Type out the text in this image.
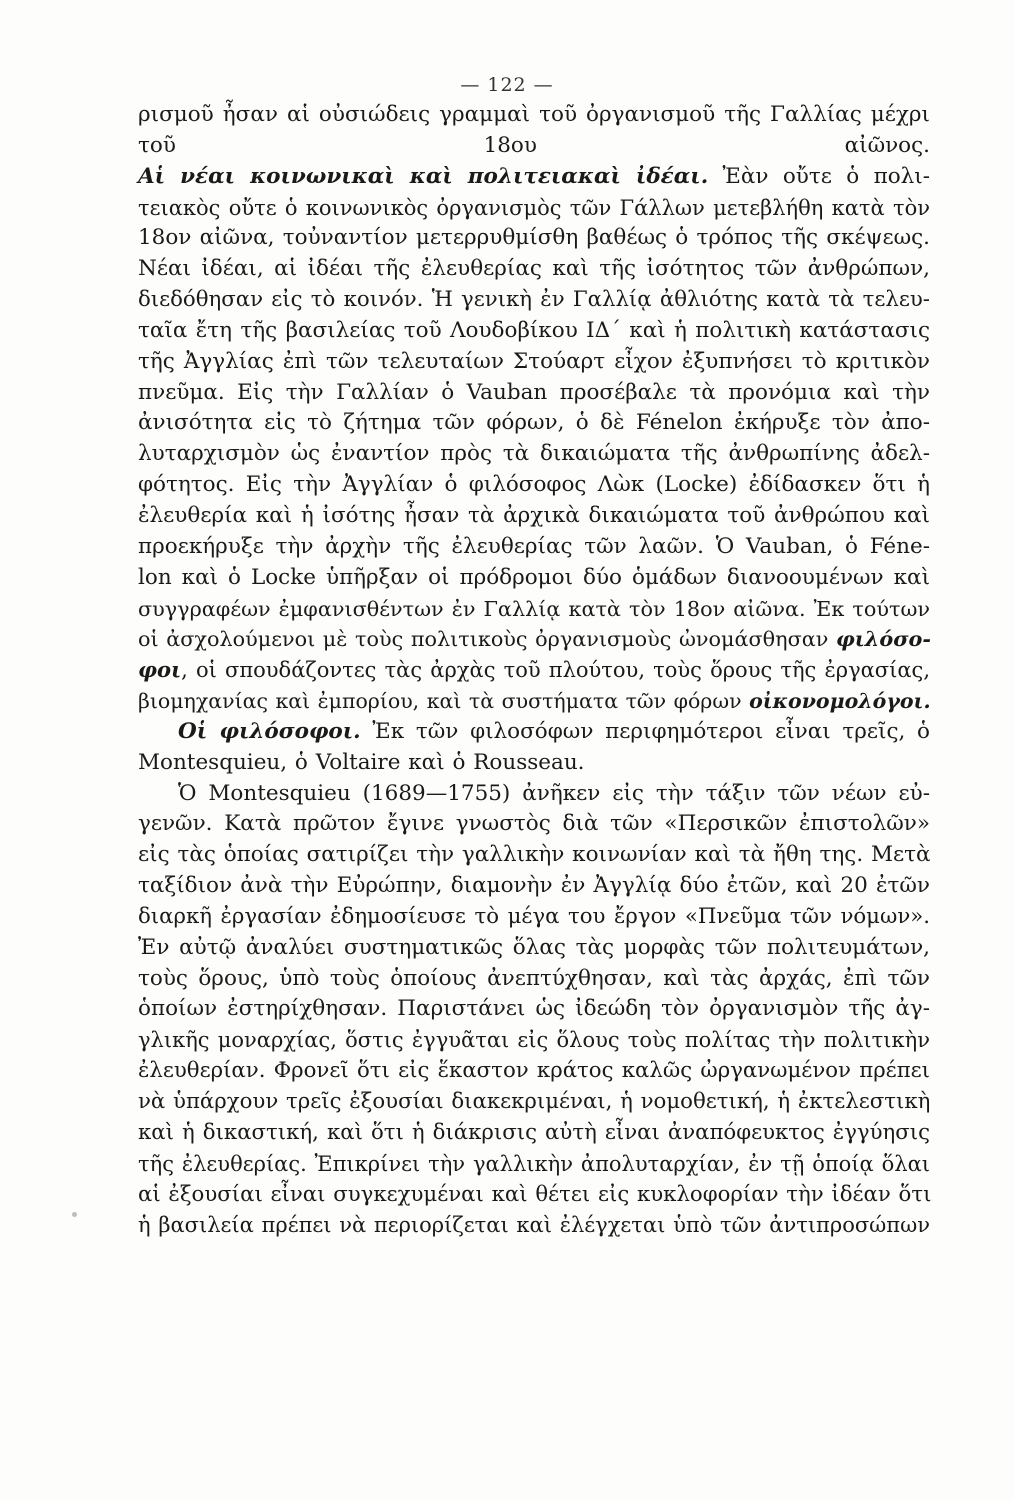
— 122 —
ρισμοῦ ἦσαν αἱ οὐσιώδεις γραμμαὶ τοῦ ὀργανισμοῦ τῆς Γαλλίας μέχρι
τοῦ 18ου αἰῶνος.
Αἱ νέαι κοινωνικαὶ καὶ πολιτειακαὶ ἰδέαι. Ἐὰν οὔτε ὁ πολι-
τειακὸς οὔτε ὁ κοινωνικὸς ὀργανισμὸς τῶν Γάλλων μετεβλήθη κατὰ τὸν
18ον αἰῶνα, τοὐναντίον μετερρυθμίσθη βαθέως ὁ τρόπος τῆς σκέψεως.
Νέαι ἰδέαι, αἱ ἰδέαι τῆς ἐλευθερίας καὶ τῆς ἰσότητος τῶν ἀνθρώπων,
διεδόθησαν εἰς τὸ κοινόν. Ἡ γενικὴ ἐν Γαλλίᾳ ἀθλιότης κατὰ τὰ τελευ-
ταῖα ἔτη τῆς βασιλείας τοῦ Λουδοβίκου ΙΔ΄ καὶ ἡ πολιτικὴ κατάστασις
τῆς Ἀγγλίας ἐπὶ τῶν τελευταίων Στούαρτ εἶχον ἐξυπνήσει τὸ κριτικὸν
πνεῦμα. Εἰς τὴν Γαλλίαν ὁ Vauban προσέβαλε τὰ προνόμια καὶ τὴν
ἀνισότητα εἰς τὸ ζήτημα τῶν φόρων, ὁ δὲ Fénelon ἐκήρυξε τὸν ἀπο-
λυταρχισμὸν ὡς ἐναντίον πρὸς τὰ δικαιώματα τῆς ἀνθρωπίνης ἀδελ-
φότητος. Εἰς τὴν Ἀγγλίαν ὁ φιλόσοφος Λὼκ (Locke) ἐδίδασκεν ὅτι ἡ
ἐλευθερία καὶ ἡ ἰσότης ἦσαν τὰ ἀρχικὰ δικαιώματα τοῦ ἀνθρώπου καὶ
προεκήρυξε τὴν ἀρχὴν τῆς ἐλευθερίας τῶν λαῶν. Ὁ Vauban, ὁ Féne-
lon καὶ ὁ Locke ὑπῆρξαν οἱ πρόδρομοι δύο ὁμάδων διανοουμένων καὶ
συγγραφέων ἐμφανισθέντων ἐν Γαλλίᾳ κατὰ τὸν 18ον αἰῶνα. Ἐκ τούτων
οἱ ἀσχολούμενοι μὲ τοὺς πολιτικοὺς ὀργανισμοὺς ὠνομάσθησαν φιλόσο-
φοι, οἱ σπουδάζοντες τὰς ἀρχὰς τοῦ πλούτου, τοὺς ὅρους τῆς ἐργασίας,
βιομηχανίας καὶ ἐμπορίου, καὶ τὰ συστήματα τῶν φόρων οἰκονομολόγοι.
Οἱ φιλόσοφοι. Ἐκ τῶν φιλοσόφων περιφημότεροι εἶναι τρεῖς, ὁ
Montesquieu, ὁ Voltaire καὶ ὁ Rousseau.
Ὁ Montesquieu (1689—1755) ἀνῆκεν εἰς τὴν τάξιν τῶν νέων εὐ-
γενῶν. Κατὰ πρῶτον ἔγινε γνωστὸς διὰ τῶν «Περσικῶν ἐπιστολῶν»
εἰς τὰς ὁποίας σατιρίζει τὴν γαλλικὴν κοινωνίαν καὶ τὰ ἤθη της. Μετὰ
ταξίδιον ἀνὰ τὴν Εὐρώπην, διαμονὴν ἐν Ἀγγλίᾳ δύο ἐτῶν, καὶ 20 ἐτῶν
διαρκῆ ἐργασίαν ἐδημοσίευσε τὸ μέγα του ἔργον «Πνεῦμα τῶν νόμων».
Ἐν αὐτῷ ἀναλύει συστηματικῶς ὅλας τὰς μορφὰς τῶν πολιτευμάτων,
τοὺς ὅρους, ὑπὸ τοὺς ὁποίους ἀνεπτύχθησαν, καὶ τὰς ἀρχάς, ἐπὶ τῶν
ὁποίων ἐστηρίχθησαν. Παριστάνει ὡς ἰδεώδη τὸν ὀργανισμὸν τῆς ἀγ-
γλικῆς μοναρχίας, ὅστις ἐγγυᾶται εἰς ὅλους τοὺς πολίτας τὴν πολιτικὴν
ἐλευθερίαν. Φρονεῖ ὅτι εἰς ἕκαστον κράτος καλῶς ὠργανωμένον πρέπει
νὰ ὑπάρχουν τρεῖς ἐξουσίαι διακεκριμέναι, ἡ νομοθετική, ἡ ἐκτελεστικὴ
καὶ ἡ δικαστική, καὶ ὅτι ἡ διάκρισις αὐτὴ εἶναι ἀναπόφευκτος ἐγγύησις
τῆς ἐλευθερίας. Ἐπικρίνει τὴν γαλλικὴν ἀπολυταρχίαν, ἐν τῇ ὁποίᾳ ὅλαι
αἱ ἐξουσίαι εἶναι συγκεχυμέναι καὶ θέτει εἰς κυκλοφορίαν τὴν ἰδέαν ὅτι
ἡ βασιλεία πρέπει νὰ περιορίζεται καὶ ἐλέγχεται ὑπὸ τῶν ἀντιπροσώπων
